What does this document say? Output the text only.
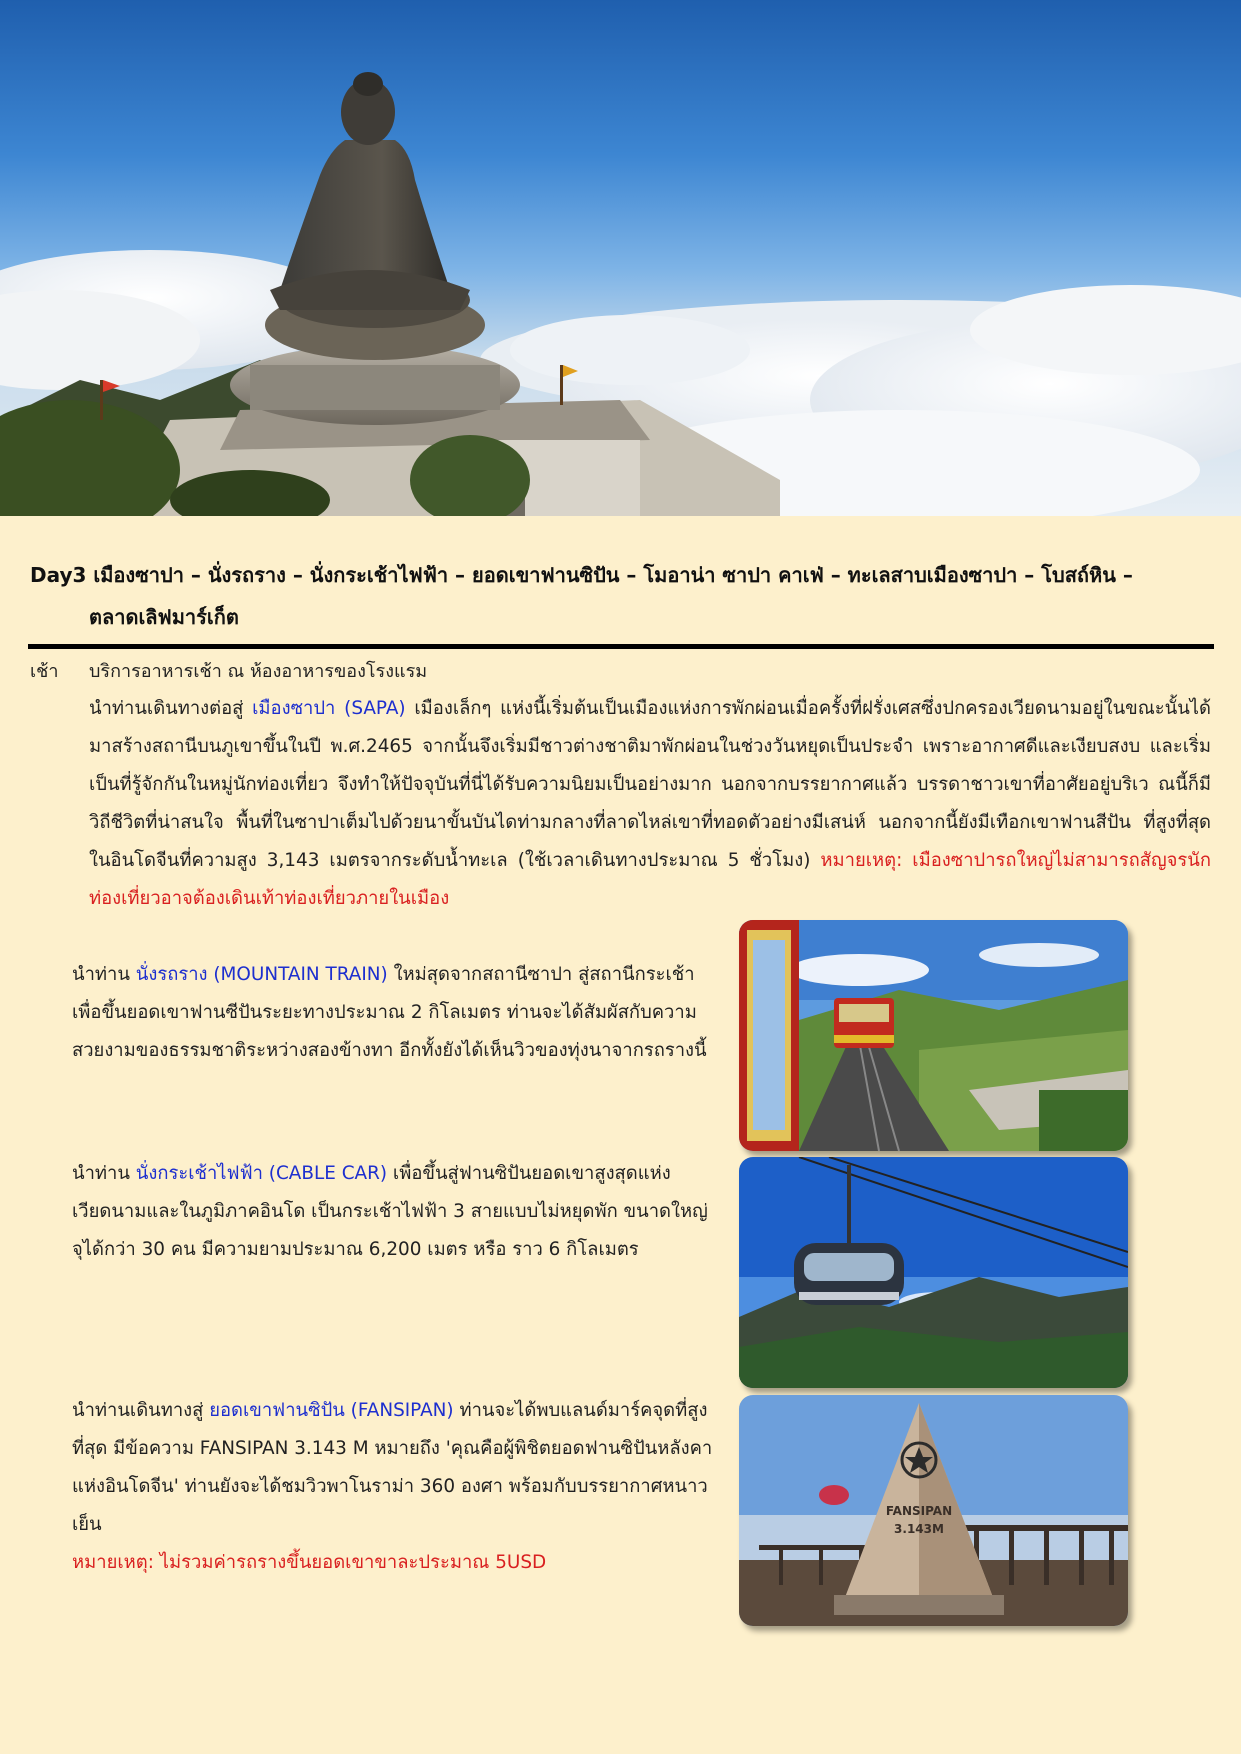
Day3 เมืองซาปา – นั่งรถราง – นั่งกระเช้าไฟฟ้า – ยอดเขาฟานซิปัน – โมอาน่า ซาปา คาเฟ่ – ทะเลสาบเมืองซาปา – โบสถ์หิน –
ตลาดเลิฟมาร์เก็ต
เช้า บริการอาหารเช้า ณ ห้องอาหารของโรงแรม
นำท่านเดินทางต่อสู่ เมืองซาปา (SAPA) เมืองเล็กๆ แห่งนี้เริ่มต้นเป็นเมืองแห่งการพักผ่อนเมื่อครั้งที่ฝรั่งเศสซึ่งปกครองเวียดนามอยู่ในขณะนั้นได้มาสร้างสถานีบนภูเขาขึ้นในปี พ.ศ.2465 จากนั้นจึงเริ่มมีชาวต่างชาติมาพักผ่อนในช่วงวันหยุดเป็นประจำ เพราะอากาศดีและเงียบสงบ และเริ่มเป็นที่รู้จักกันในหมู่นักท่องเที่ยว จึงทำให้ปัจจุบันที่นี่ได้รับความนิยมเป็นอย่างมาก นอกจากบรรยากาศแล้ว บรรดาชาวเขาที่อาศัยอยู่บริเว ณนี้ก็มีวิถีชีวิตที่น่าสนใจ พื้นที่ในซาปาเต็มไปด้วยนาขั้นบันไดท่ามกลางที่ลาดไหล่เขาที่ทอดตัวอย่างมีเสน่ห์ นอกจากนี้ยังมีเทือกเขาฟานสีปัน ที่สูงที่สุดในอินโดจีนที่ความสูง 3,143 เมตรจากระดับน้ำทะเล (ใช้เวลาเดินทางประมาณ 5 ชั่วโมง) หมายเหตุ: เมืองซาปารถใหญ่ไม่สามารถสัญจรนักท่องเที่ยวอาจต้องเดินเท้าท่องเที่ยวภายในเมือง
นำท่าน นั่งรถราง (MOUNTAIN TRAIN) ใหม่สุดจากสถานีซาปา สู่สถานีกระเช้าเพื่อขึ้นยอดเขาฟานซีปันระยะทางประมาณ 2 กิโลเมตร ท่านจะได้สัมผัสกับความสวยงามของธรรมชาติระหว่างสองข้างทา อีกทั้งยังได้เห็นวิวของทุ่งนาจากรถรางนี้
นำท่าน นั่งกระเช้าไฟฟ้า (CABLE CAR) เพื่อขึ้นสู่ฟานซิปันยอดเขาสูงสุดแห่งเวียดนามและในภูมิภาคอินโด เป็นกระเช้าไฟฟ้า 3 สายแบบไม่หยุดพัก ขนาดใหญ่จุได้กว่า 30 คน มีความยามประมาณ 6,200 เมตร หรือ ราว 6 กิโลเมตร
นำท่านเดินทางสู่ ยอดเขาฟานซิปัน (FANSIPAN) ท่านจะได้พบแลนด์มาร์คจุดที่สูงที่สุด มีข้อความ FANSIPAN 3.143 M หมายถึง 'คุณคือผู้พิชิตยอดฟานซิปันหลังคาแห่งอินโดจีน' ท่านยังจะได้ชมวิวพาโนราม่า 360 องศา พร้อมกับบรรยากาศหนาวเย็น
หมายเหตุ: ไม่รวมค่ารถรางขึ้นยอดเขาขาละประมาณ 5USD
FANSIPAN
3.143M
